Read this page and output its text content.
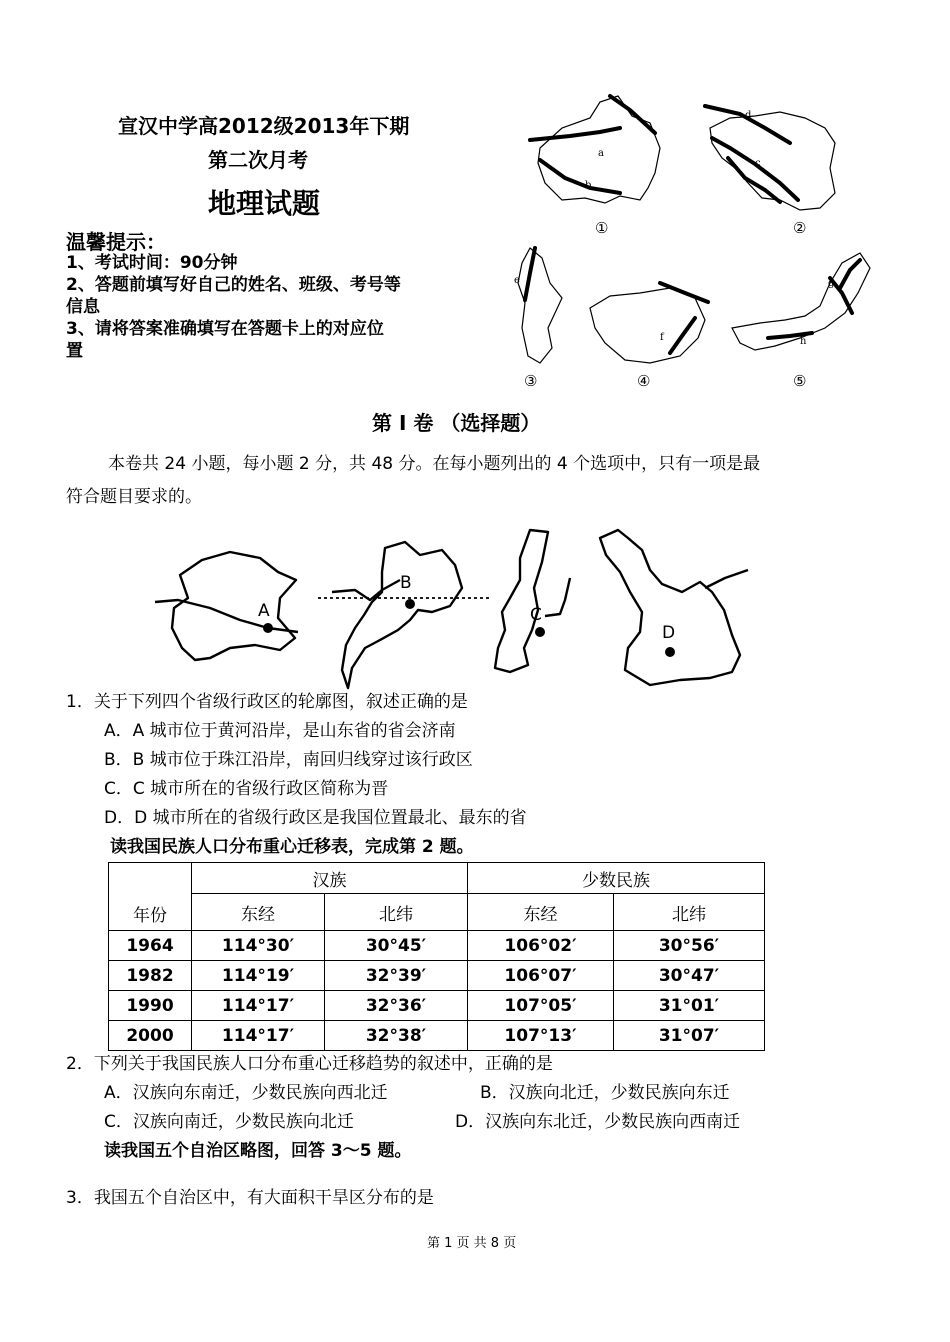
宣汉中学高2012级2013年下期
第二次月考
地理试题
温馨提示：
1、考试时间：90分钟
2、答题前填写好自己的姓名、班级、考号等
信息
3、请将答案准确填写在答题卡上的对应位
置
a
b
c
d
e
f
g
h
①	②
③	④	⑤
第 I 卷 （选择题）
本卷共 24 小题，每小题 2 分，共 48 分。在每小题列出的 4 个选项中，只有一项是最
符合题目要求的。
A
B
C
D
1．关于下列四个省级行政区的轮廓图，叙述正确的是
A．A 城市位于黄河沿岸，是山东省的省会济南
B．B 城市位于珠江沿岸，南回归线穿过该行政区
C．C 城市所在的省级行政区简称为晋
D．D 城市所在的省级行政区是我国位置最北、最东的省
读我国民族人口分布重心迁移表，完成第 2 题。
年份	汉族		少数民族	
	东经	北纬	东经	北纬
1964	114°30′	30°45′	106°02′	30°56′
1982	114°19′	32°39′	106°07′	30°47′
1990	114°17′	32°36′	107°05′	31°01′
2000	114°17′	32°38′	107°13′	31°07′
2．下列关于我国民族人口分布重心迁移趋势的叙述中，正确的是
A．汉族向东南迁，少数民族向西北迁	B．汉族向北迁，少数民族向东迁
C．汉族向南迁，少数民族向北迁	D．汉族向东北迁，少数民族向西南迁
读我国五个自治区略图，回答 3～5 题。
3．我国五个自治区中，有大面积干旱区分布的是
第 1 页 共 8 页
